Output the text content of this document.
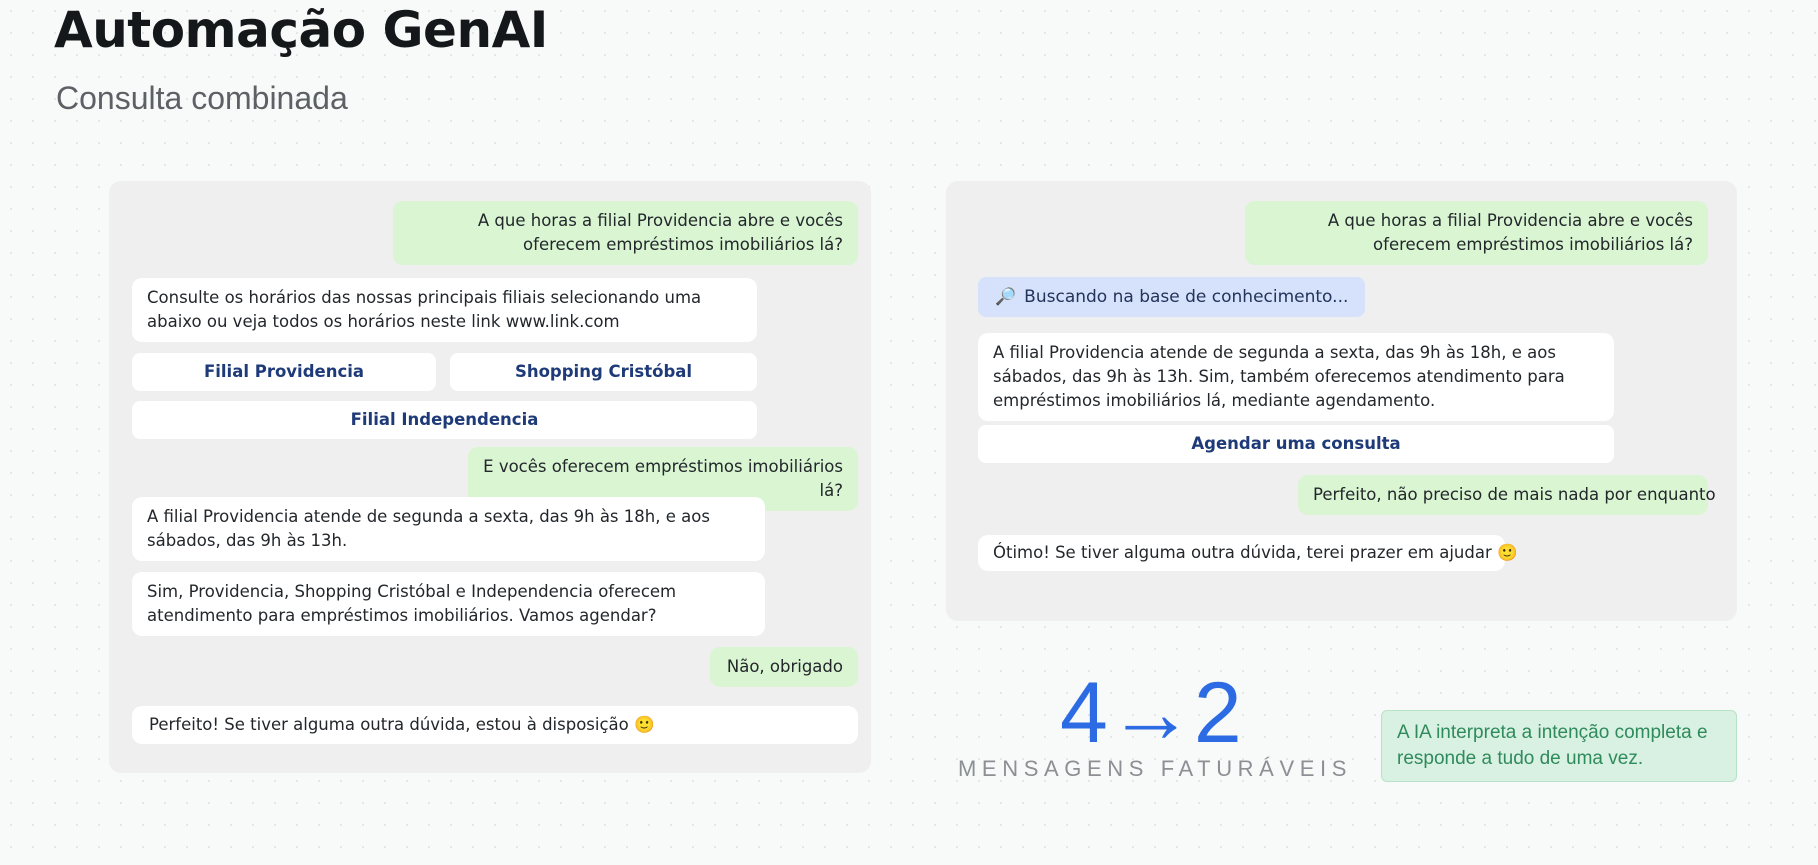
Automação GenAI
Consulta combinada
A que horas a filial Providencia abre e vocês oferecem empréstimos imobiliários lá?
Consulte os horários das nossas principais filiais selecionando uma abaixo ou veja todos os horários neste link www.link.com
Filial Providencia	Shopping Cristóbal
Filial Independencia
E vocês oferecem empréstimos imobiliários lá?
A filial Providencia atende de segunda a sexta, das 9h às 18h, e aos sábados, das 9h às 13h.
Sim, Providencia, Shopping Cristóbal e Independencia oferecem atendimento para empréstimos imobiliários. Vamos agendar?
Não, obrigado
Perfeito! Se tiver alguma outra dúvida, estou à disposição 🙂
A que horas a filial Providencia abre e vocês oferecem empréstimos imobiliários lá?
🔎 Buscando na base de conhecimento...
A filial Providencia atende de segunda a sexta, das 9h às 18h, e aos sábados, das 9h às 13h. Sim, também oferecemos atendimento para empréstimos imobiliários lá, mediante agendamento.
Agendar uma consulta
Perfeito, não preciso de mais nada por enquanto
Ótimo! Se tiver alguma outra dúvida, terei prazer em ajudar 🙂
4→2
MENSAGENS FATURÁVEIS
A IA interpreta a intenção completa e responde a tudo de uma vez.
